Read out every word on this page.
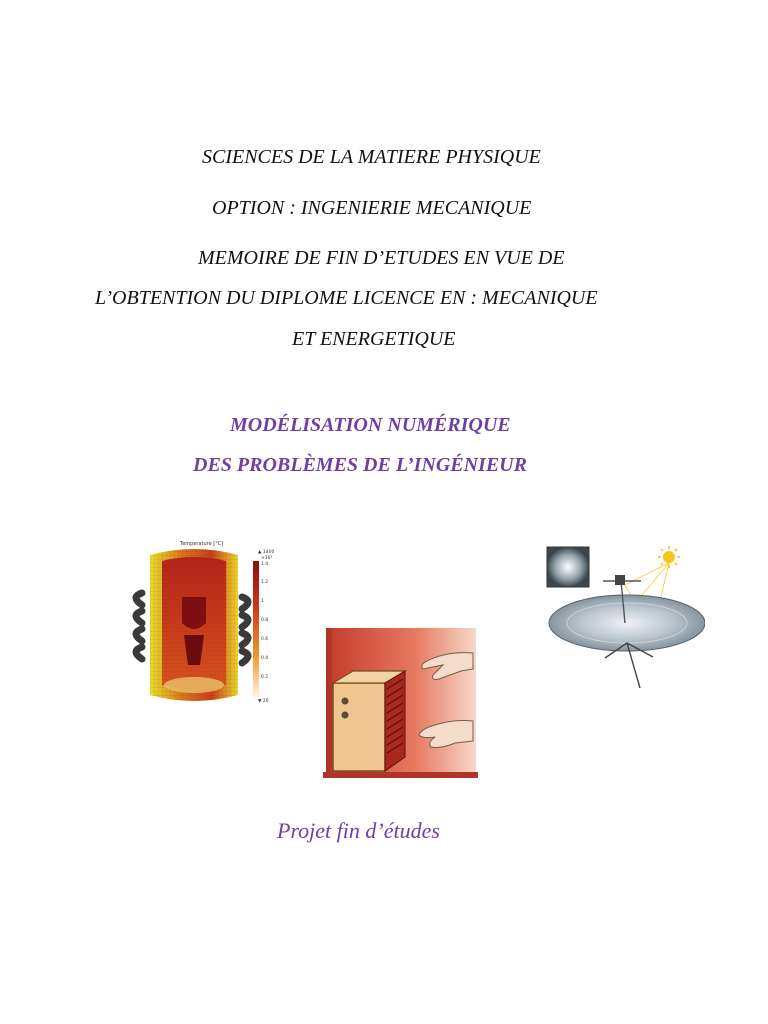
SCIENCES DE LA MATIERE PHYSIQUE
OPTION : INGENIERIE MECANIQUE
MEMOIRE DE FIN D’ETUDES EN VUE DE
L’OBTENTION DU DIPLOME LICENCE EN : MECANIQUE
ET ENERGETIQUE
MODÉLISATION NUMÉRIQUE
DES PROBLÈMES DE L’INGÉNIEUR
Temperature [°C]
▲ 1400
×10³
1.4
1.2
1
0.8
0.6
0.4
0.2
▼ 20
Projet fin d’études
